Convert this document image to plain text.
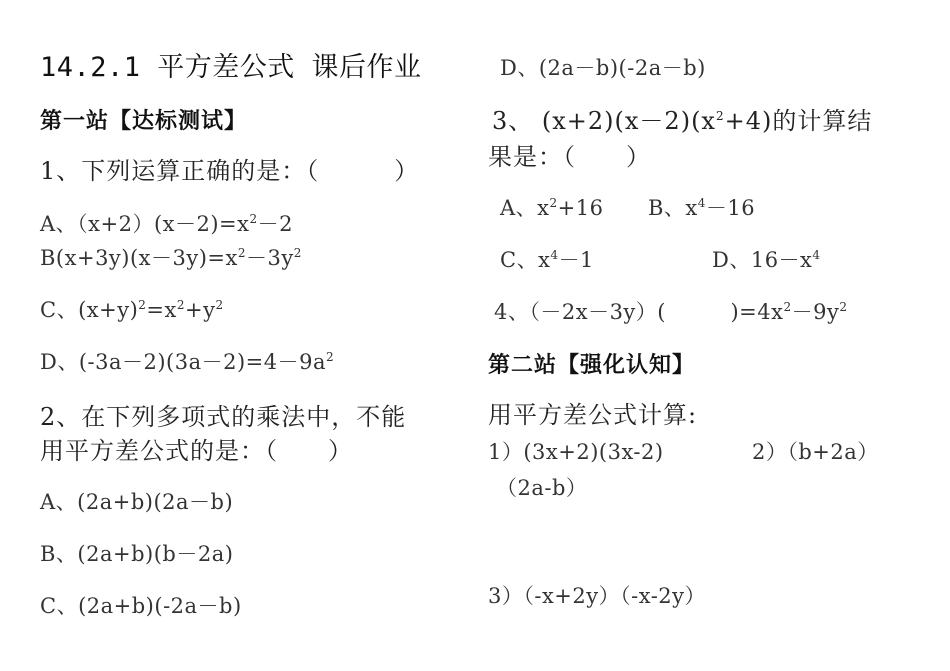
14.2.1 平方差公式 课后作业
第一站【达标测试】
1、下列运算正确的是：（　　　）
A、$(x+2)(x-2)=x^2-2$
$B(x+3y)(x-3y)=x^2-3y^2$
C、$(x+y)^2=x^2+y^2$
D、$(-3a-2)(3a-2)=4-9a^2$
2、在下列多项式的乘法中，不能
用平方差公式的是：（　　）
A、(2a+b)(2a－b)
B、(2a+b)(b－2a)
C、(2a+b)(-2a－b)
D、(2a－b)(-2a－b)
3、 $(x+2)(x-2)(x^2+4)$的计算结
果是：（　　）
A、$x^2+16$ B、$x^4-16$
C、$x^4-1$	D、$16-x^4$
4、（－2x－3y）(　　　)$=4x^2-9y^2$
第二站【强化认知】
用平方差公式计算:
1）(3x+2)(3x-2)	2）（b+2a）
（2a-b）
3）（-x+2y）（-x-2y）
